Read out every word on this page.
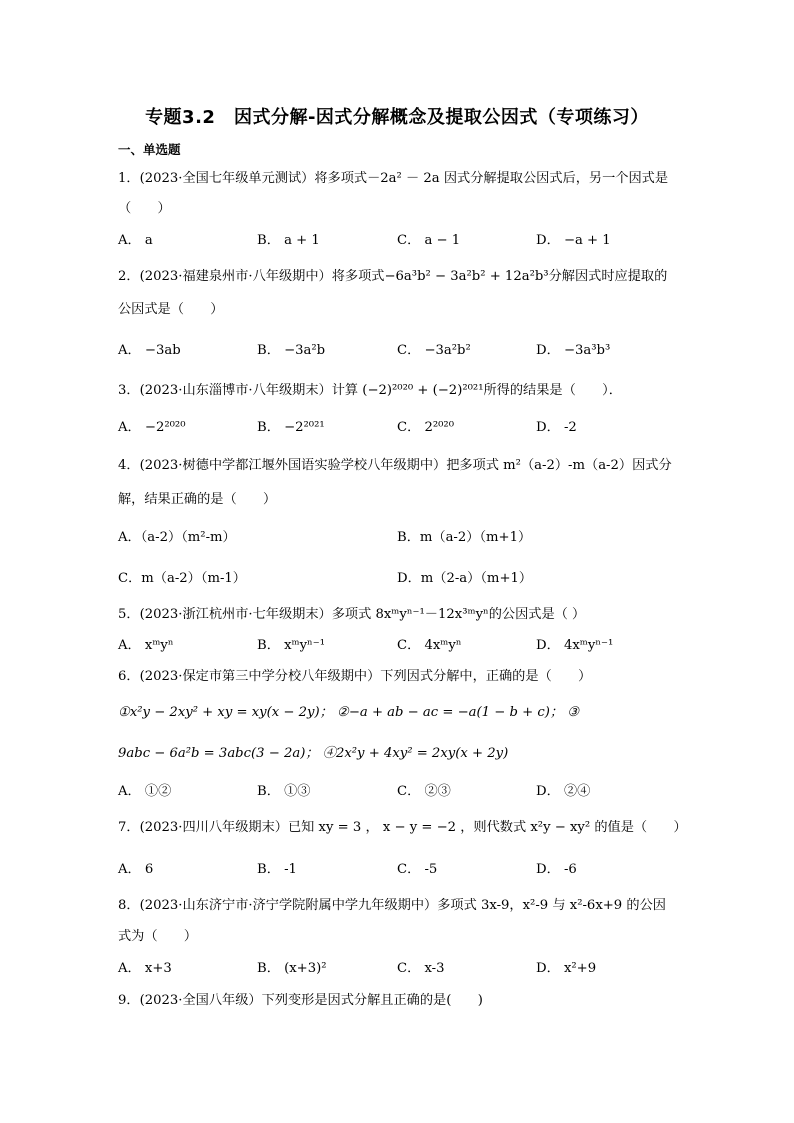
专题3.2　因式分解-因式分解概念及提取公因式（专项练习）
一、单选题
1．(2023·全国七年级单元测试）将多项式－2a² － 2a 因式分解提取公因式后，另一个因式是
（　　）
A． a	B． a + 1	C． a − 1	D． −a + 1
2．(2023·福建泉州市·八年级期中）将多项式−6a³b² − 3a²b² + 12a²b³分解因式时应提取的
公因式是（　　）
A． −3ab	B． −3a²b	C． −3a²b²	D． −3a³b³
3．(2023·山东淄博市·八年级期末）计算 (−2)²⁰²⁰ + (−2)²⁰²¹所得的结果是（　　）．
A． −2²⁰²⁰	B． −2²⁰²¹	C． 2²⁰²⁰	D． -2
4．(2023·树德中学都江堰外国语实验学校八年级期中）把多项式 m²（a-2）-m（a-2）因式分
解，结果正确的是（　　）
A．（a-2）（m²-m）	B．m（a-2）（m+1）
C．m（a-2）（m-1）	D．m（2-a）（m+1）
5．(2023·浙江杭州市·七年级期末）多项式 8xᵐyⁿ⁻¹－12x³ᵐyⁿ的公因式是（ ）
A． xᵐyⁿ	B． xᵐyⁿ⁻¹	C． 4xᵐyⁿ	D． 4xᵐyⁿ⁻¹
6．(2023·保定市第三中学分校八年级期中）下列因式分解中，正确的是（　　）
①x²y − 2xy² + xy = xy(x − 2y)； ②−a + ab − ac = −a(1 − b + c)； ③
9abc − 6a²b = 3abc(3 − 2a)； ④2x²y + 4xy² = 2xy(x + 2y)
A． ①②	B． ①③	C． ②③	D． ②④
7．(2023·四川八年级期末）已知 xy = 3 ， x − y = −2 ，则代数式 x²y − xy² 的值是（　　）
A． 6	B． -1	C． -5	D． -6
8．(2023·山东济宁市·济宁学院附属中学九年级期中）多项式 3x-9，x²-9 与 x²-6x+9 的公因
式为（　　）
A． x+3	B． (x+3)²	C． x-3	D． x²+9
9．(2023·全国八年级）下列变形是因式分解且正确的是(　　)
